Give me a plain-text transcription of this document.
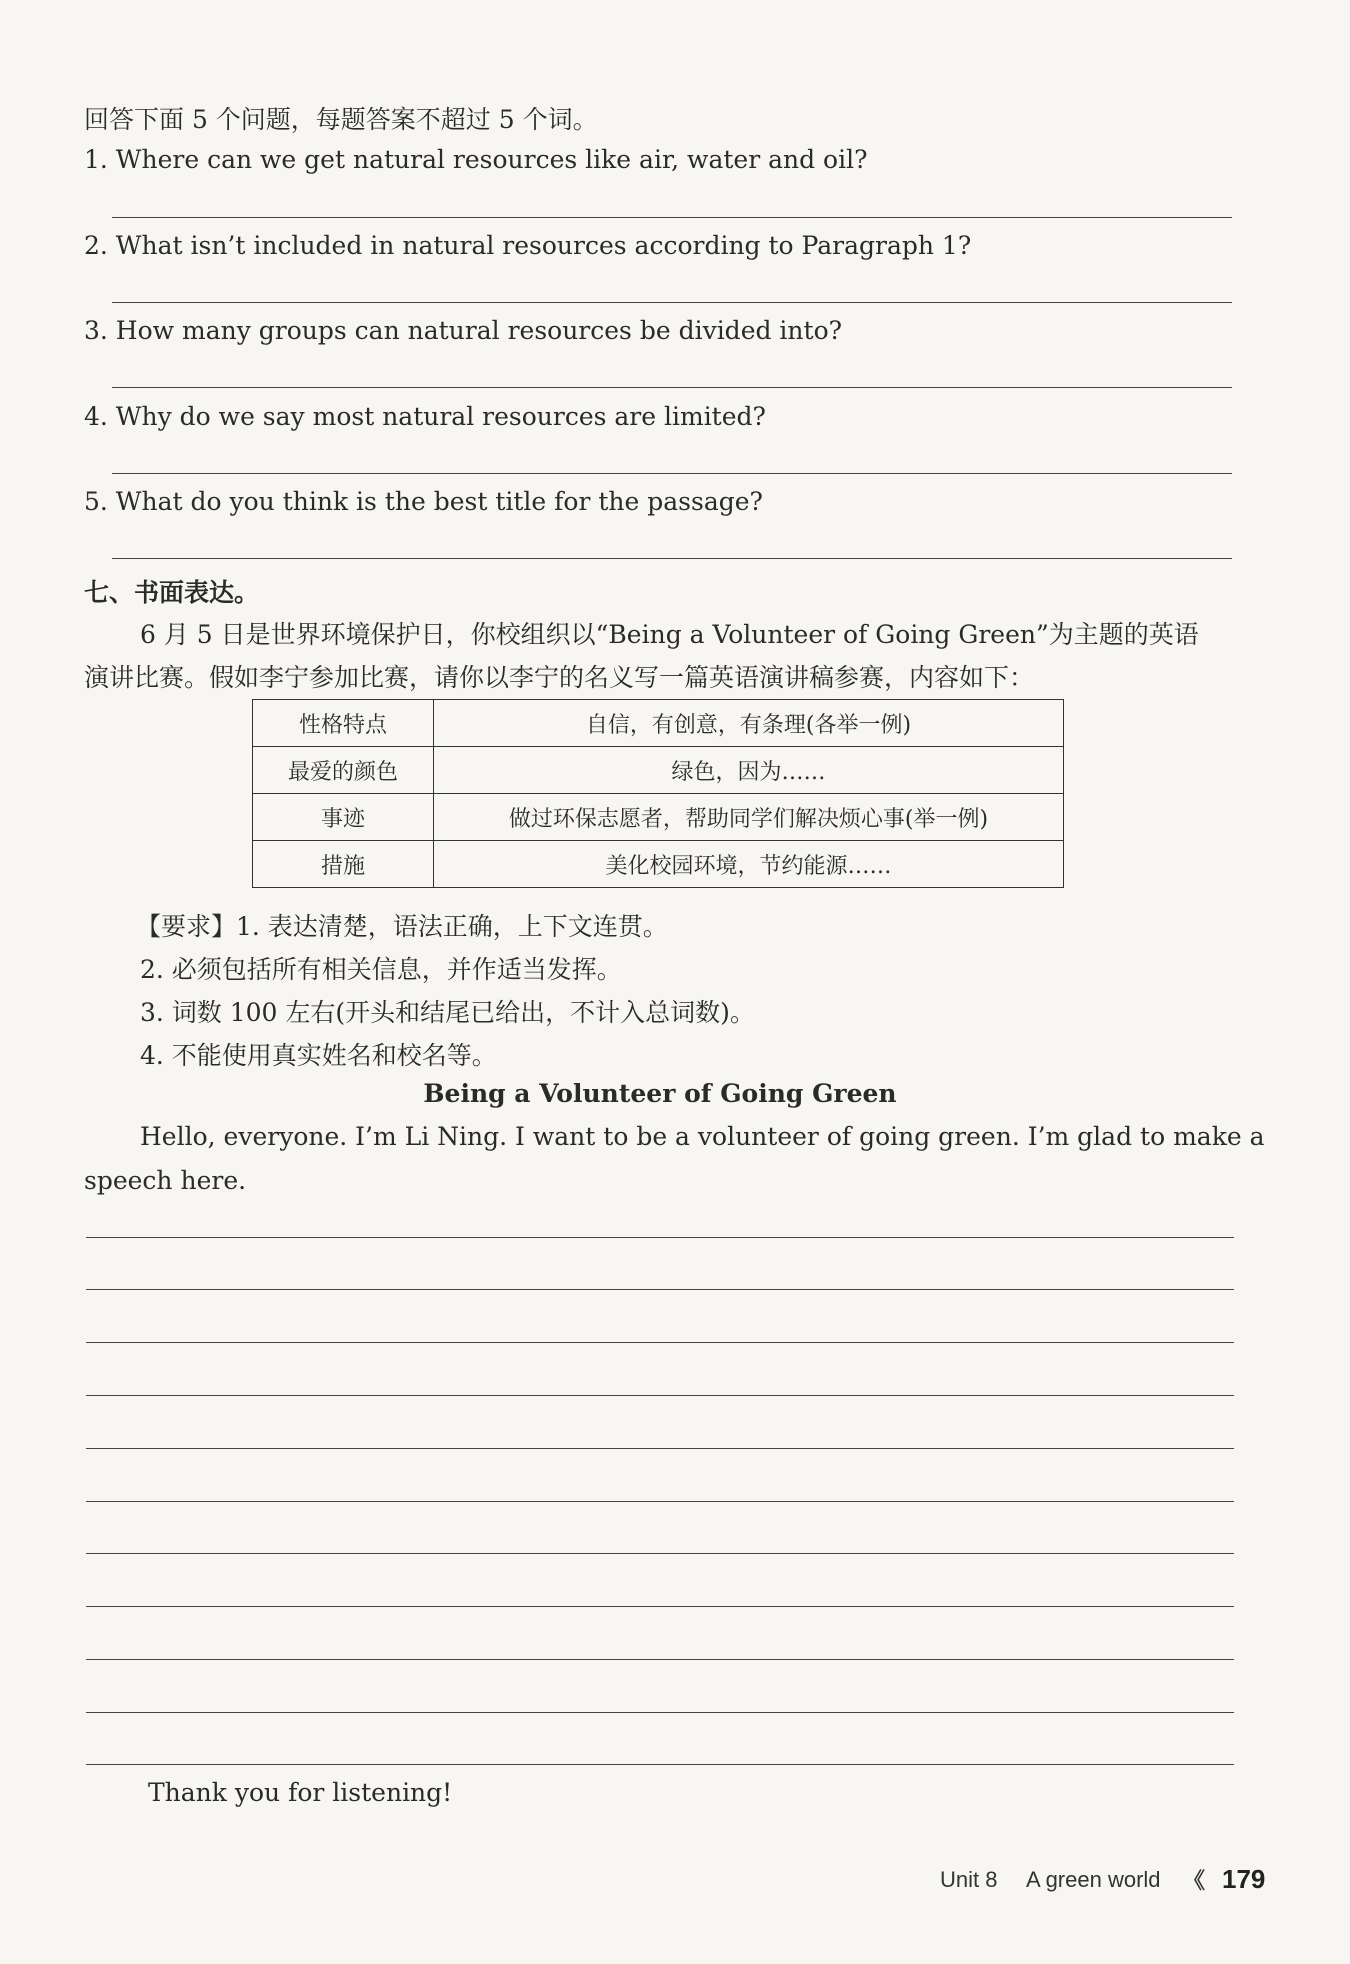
回答下面 5 个问题，每题答案不超过 5 个词。
1. Where can we get natural resources like air, water and oil?
2. What isn’t included in natural resources according to Paragraph 1?
3. How many groups can natural resources be divided into?
4. Why do we say most natural resources are limited?
5. What do you think is the best title for the passage?
七、书面表达。
6 月 5 日是世界环境保护日，你校组织以“Being a Volunteer of Going Green”为主题的英语
演讲比赛。假如李宁参加比赛，请你以李宁的名义写一篇英语演讲稿参赛，内容如下：
性格特点	自信，有创意，有条理(各举一例)
最爱的颜色	绿色，因为……
事迹	做过环保志愿者，帮助同学们解决烦心事(举一例)
措施	美化校园环境，节约能源……
【要求】1. 表达清楚，语法正确，上下文连贯。
2. 必须包括所有相关信息，并作适当发挥。
3. 词数 100 左右(开头和结尾已给出，不计入总词数)。
4. 不能使用真实姓名和校名等。
Being a Volunteer of Going Green
Hello, everyone. I’m Li Ning. I want to be a volunteer of going green. I’m glad to make a
speech here.
Thank you for listening!
Unit 8 A green world 《 179
